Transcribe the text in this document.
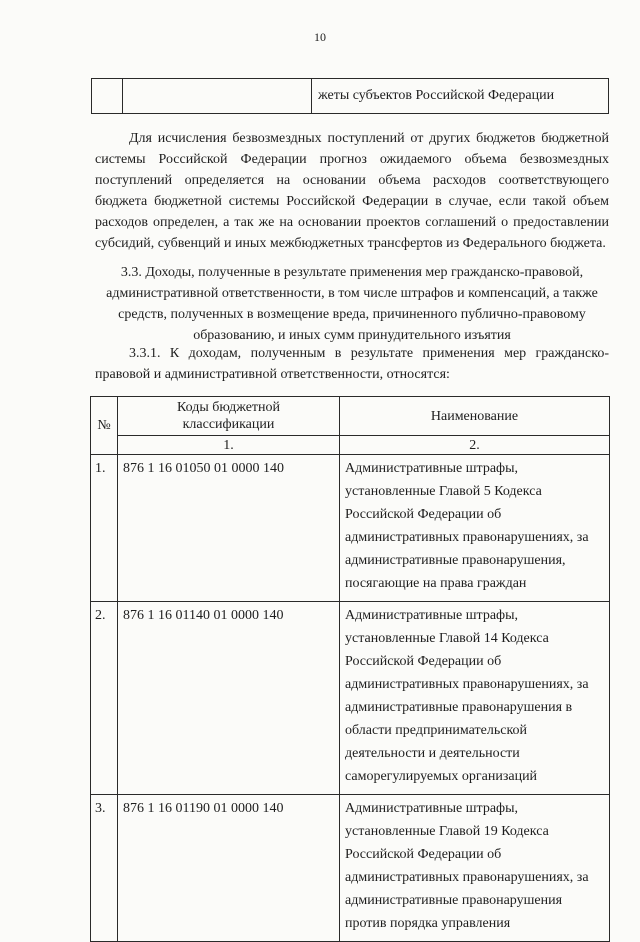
10
		жеты субъектов Российской Федерации

Для исчисления безвозмездных поступлений от других бюджетов бюджетной системы Российской Федерации прогноз ожидаемого объема безвозмездных поступлений определяется на основании объема расходов соответствующего бюджета бюджетной системы Российской Федерации в случае, если такой объем расходов определен, а так же на основании проектов соглашений о предоставлении субсидий, субвенций и иных межбюджетных трансфертов из Федерального бюджета.

3.3. Доходы, полученные в результате применения мер гражданско-правовой, административной ответственности, в том числе штрафов и компенсаций, а также средств, полученных в возмещение вреда, причиненного публично-правовому образованию, и иных сумм принудительного изъятия

3.3.1. К доходам, полученным в результате применения мер гражданско-правовой и административной ответственности, относятся:

№	Коды бюджетной классификации	Наименование
	1.	2.
1.	876 1 16 01050 01 0000 140	Административные штрафы, установленные Главой 5 Кодекса Российской Федерации об административных правонарушениях, за административные правонарушения, посягающие на права граждан
2.	876 1 16 01140 01 0000 140	Административные штрафы, установленные Главой 14 Кодекса Российской Федерации об административных правонарушениях, за административные правонарушения в области предпринимательской деятельности и деятельности саморегулируемых организаций
3.	876 1 16 01190 01 0000 140	Административные штрафы, установленные Главой 19 Кодекса Российской Федерации об административных правонарушениях, за административные правонарушения против порядка управления
